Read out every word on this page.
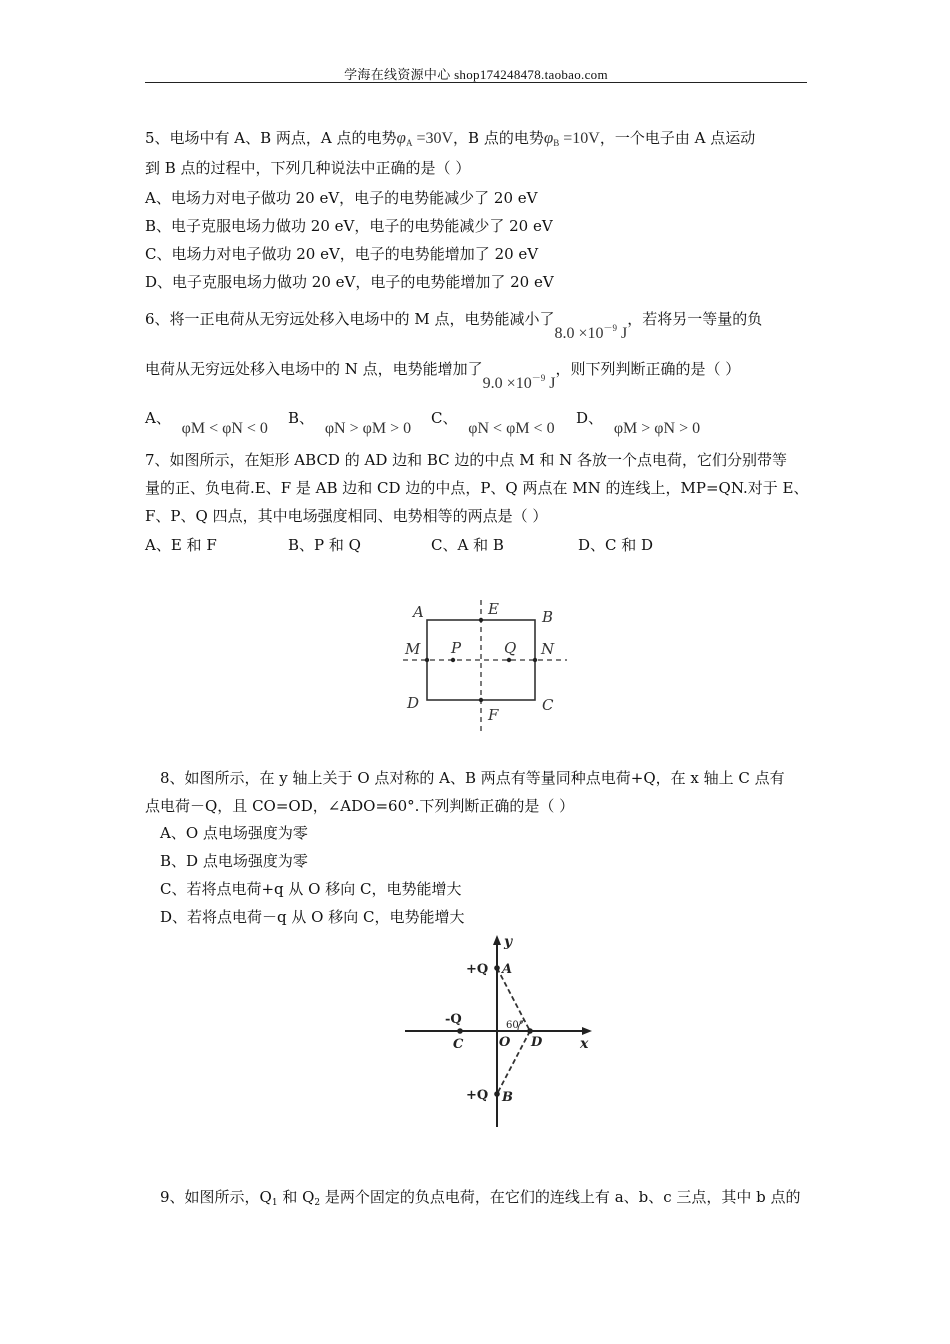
学海在线资源中心 shop174248478.taobao.com
5、电场中有 A、B 两点，A 点的电势$\varphi_A =30V$，B 点的电势$\varphi_B =10V$，一个电子由 A 点运动
到 B 点的过程中，下列几种说法中正确的是（ ）
A、电场力对电子做功 20 eV，电子的电势能减少了 20 eV
B、电子克服电场力做功 20 eV，电子的电势能减少了 20 eV
C、电场力对电子做功 20 eV，电子的电势能增加了 20 eV
D、电子克服电场力做功 20 eV，电子的电势能增加了 20 eV
6、将一正电荷从无穷远处移入电场中的 M 点，电势能减小了$8.0 \times 10^{-9}$ J，若将另一等量的负
电荷从无穷远处移入电场中的 N 点，电势能增加了$9.0 \times 10^{-9}$ J，则下列判断正确的是（ ）
A、 φM < φN < 0
B、 φN > φM > 0
C、 φN < φM < 0
D、 φM > φN > 0
7、如图所示，在矩形 ABCD 的 AD 边和 BC 边的中点 M 和 N 各放一个点电荷，它们分别带等
量的正、负电荷.E、F 是 AB 边和 CD 边的中点，P、Q 两点在 MN 的连线上，MP=QN.对于 E、
F、P、Q 四点，其中电场强度相同、电势相等的两点是（ ）
A、E 和 F	B、P 和 Q	C、A 和 B	D、C 和 D
A	B
C
D
E
F
M	N
P	Q
8、如图所示，在 y 轴上关于 O 点对称的 A、B 两点有等量同种点电荷+Q，在 x 轴上 C 点有
点电荷－Q，且 CO=OD，∠ADO=60°.下列判断正确的是（ ）
A、O 点电场强度为零
B、D 点电场强度为零
C、若将点电荷+q 从 O 移向 C，电势能增大
D、若将点电荷－q 从 O 移向 C，电势能增大
y
x
+Q
+Q
-Q
A
B
C	O D
60°
9、如图所示，$Q_1$ 和 $Q_2$ 是两个固定的负点电荷，在它们的连线上有 a、b、c 三点，其中 b 点的
